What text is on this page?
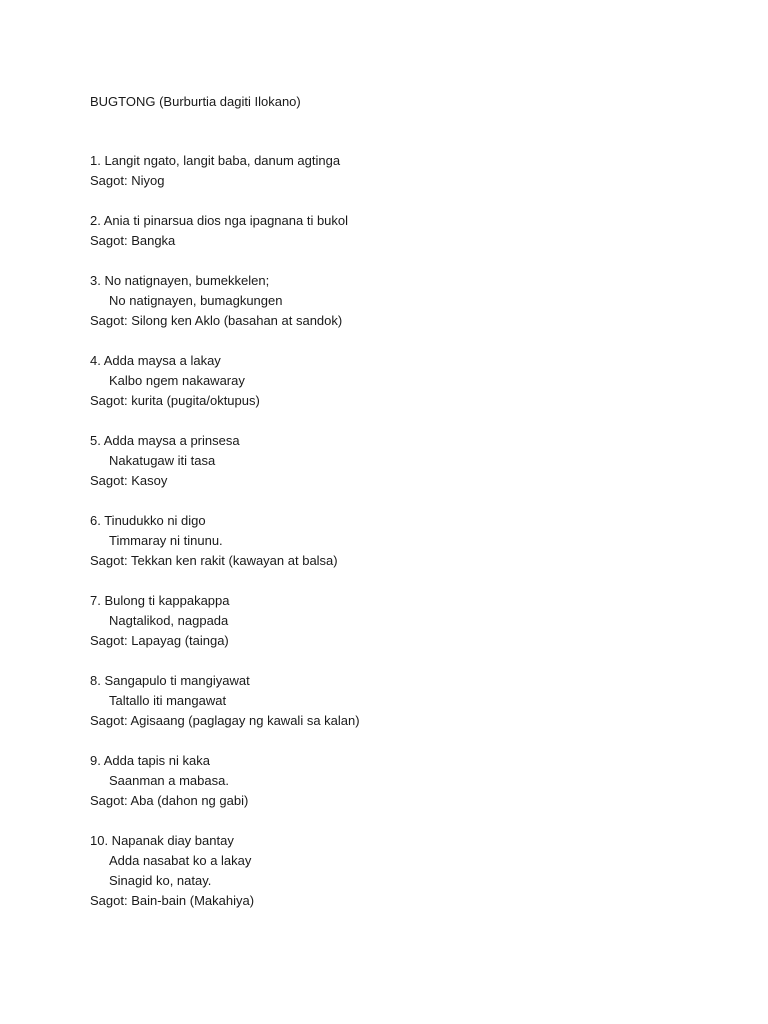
BUGTONG (Burburtia dagiti Ilokano)
1. Langit ngato, langit baba, danum agtinga
Sagot: Niyog
2. Ania ti pinarsua dios nga ipagnana ti bukol
Sagot: Bangka
3. No natignayen, bumekkelen;
No natignayen, bumagkungen
Sagot: Silong ken Aklo (basahan at sandok)
4. Adda maysa a lakay
Kalbo ngem nakawaray
Sagot: kurita (pugita/oktupus)
5. Adda maysa a prinsesa
Nakatugaw iti tasa
Sagot: Kasoy
6. Tinudukko ni digo
Timmaray ni tinunu.
Sagot: Tekkan ken rakit (kawayan at balsa)
7. Bulong ti kappakappa
Nagtalikod, nagpada
Sagot: Lapayag (tainga)
8. Sangapulo ti mangiyawat
Taltallo iti mangawat
Sagot: Agisaang (paglagay ng kawali sa kalan)
9. Adda tapis ni kaka
Saanman a mabasa.
Sagot: Aba (dahon ng gabi)
10. Napanak diay bantay
Adda nasabat ko a lakay
Sinagid ko, natay.
Sagot: Bain-bain (Makahiya)
